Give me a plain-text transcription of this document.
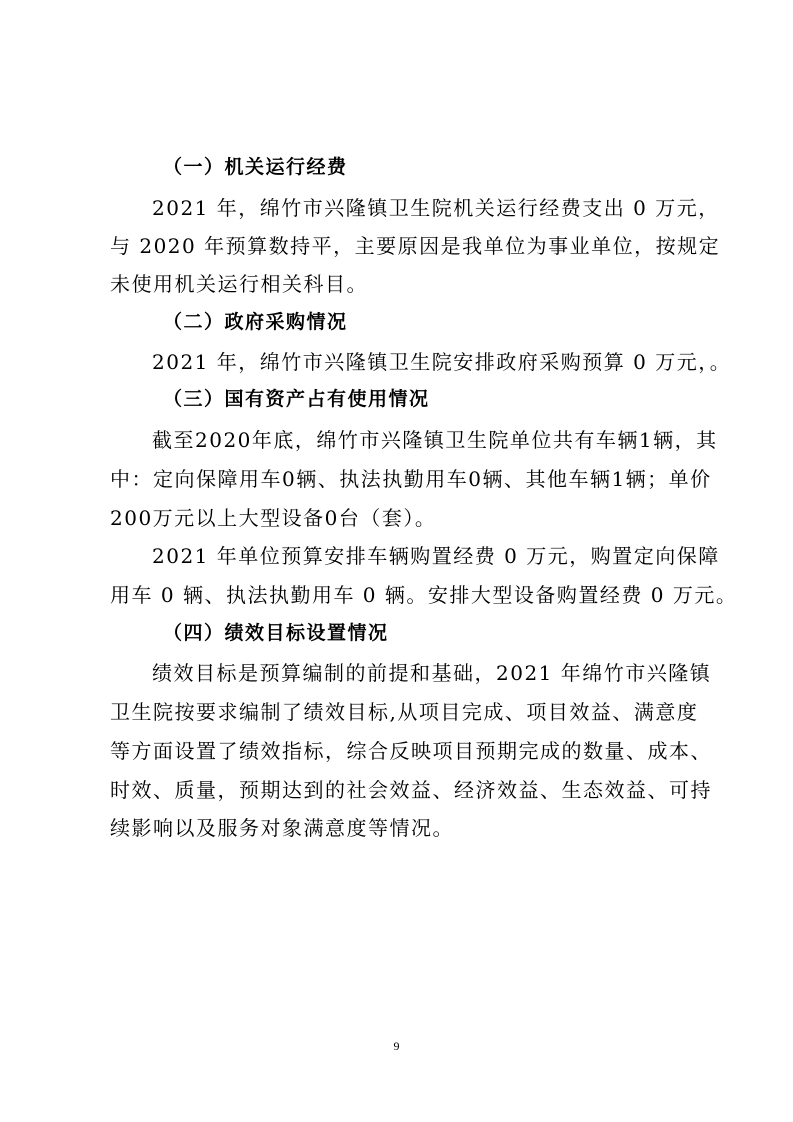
（一）机关运行经费
2021 年，绵竹市兴隆镇卫生院机关运行经费支出 0 万元，
与 2020 年预算数持平，主要原因是我单位为事业单位，按规定
未使用机关运行相关科目。
（二）政府采购情况
2021 年，绵竹市兴隆镇卫生院安排政府采购预算 0 万元，。
（三）国有资产占有使用情况
截至2020年底，绵竹市兴隆镇卫生院单位共有车辆1辆，其
中：定向保障用车0辆、执法执勤用车0辆、其他车辆1辆；单价
200万元以上大型设备0台（套）。
2021 年单位预算安排车辆购置经费 0 万元，购置定向保障
用车 0 辆、执法执勤用车 0 辆。安排大型设备购置经费 0 万元。
（四）绩效目标设置情况
绩效目标是预算编制的前提和基础，2021 年绵竹市兴隆镇
卫生院按要求编制了绩效目标,从项目完成、项目效益、满意度
等方面设置了绩效指标，综合反映项目预期完成的数量、成本、
时效、质量，预期达到的社会效益、经济效益、生态效益、可持
续影响以及服务对象满意度等情况。
9
